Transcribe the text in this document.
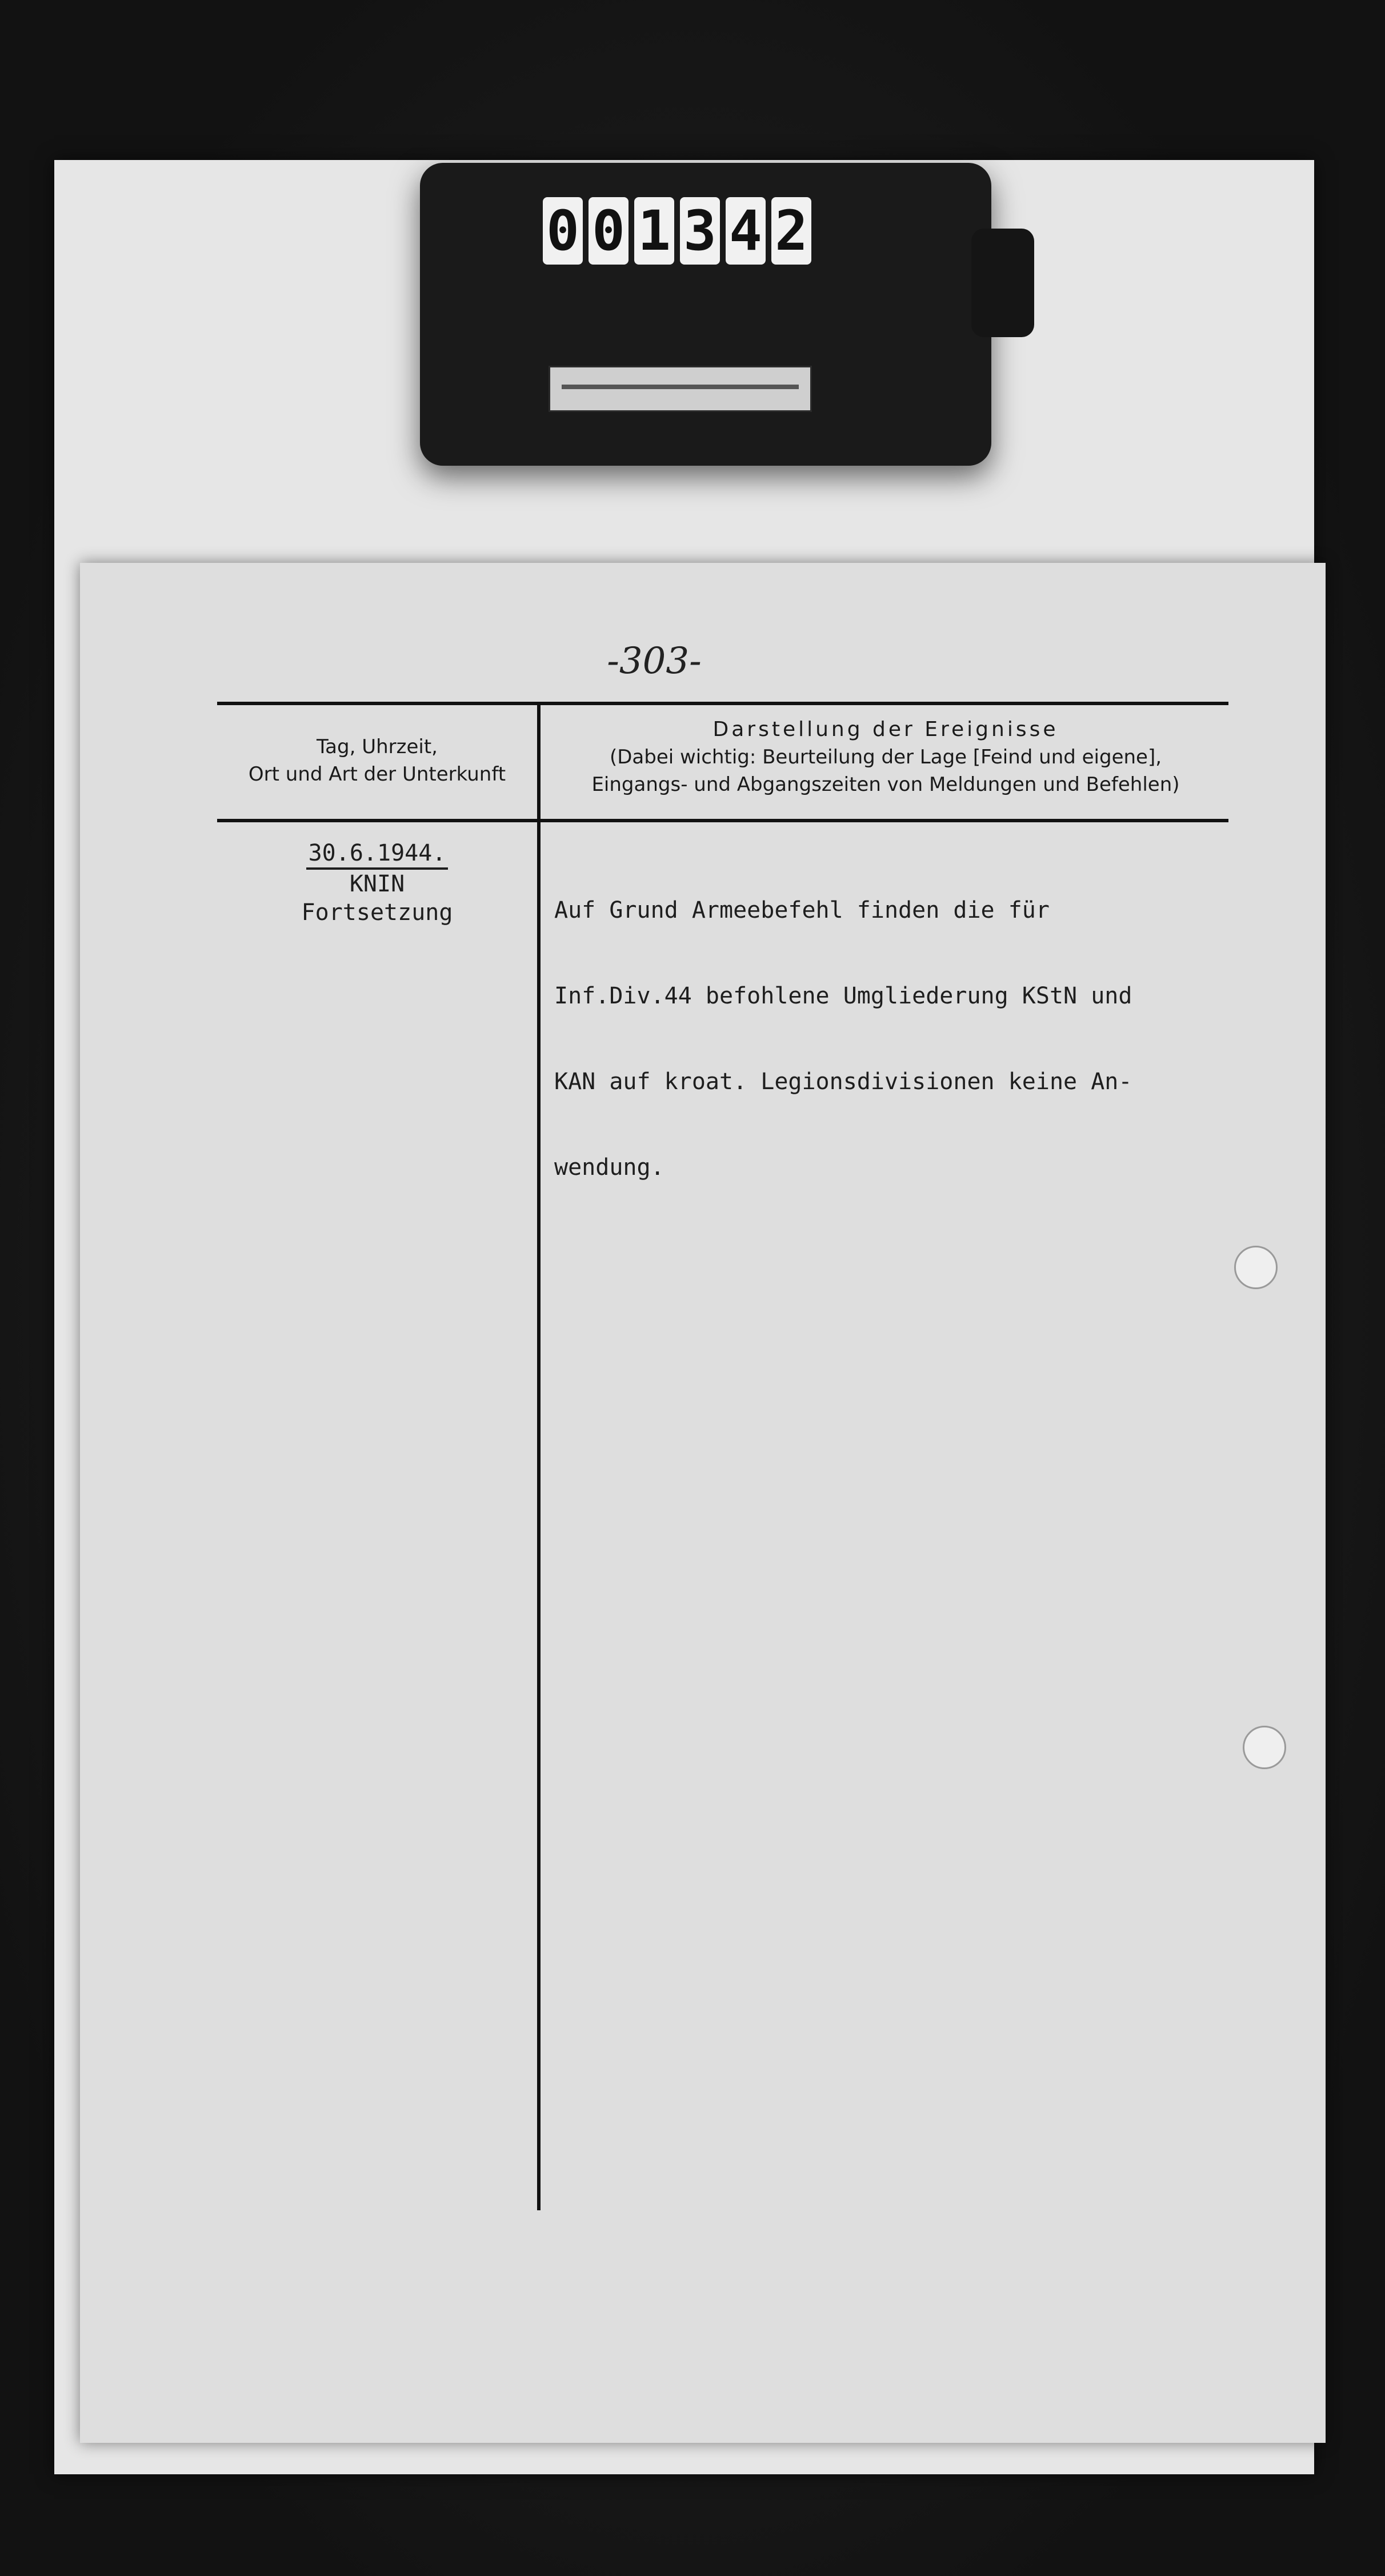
0 0 1 3 4 2
-303-
Tag, Uhrzeit,
Ort und Art der Unterkunft
Darstellung der Ereignisse
(Dabei wichtig: Beurteilung der Lage [Feind und eigene],
Eingangs- und Abgangszeiten von Meldungen und Befehlen)
30.6.1944.
KNIN
Fortsetzung

	Auf Grund Armeebefehl finden die für

Inf.Div.44 befohlene Umgliederung KStN und

KAN auf kroat. Legionsdivisionen keine An-

wendung.
